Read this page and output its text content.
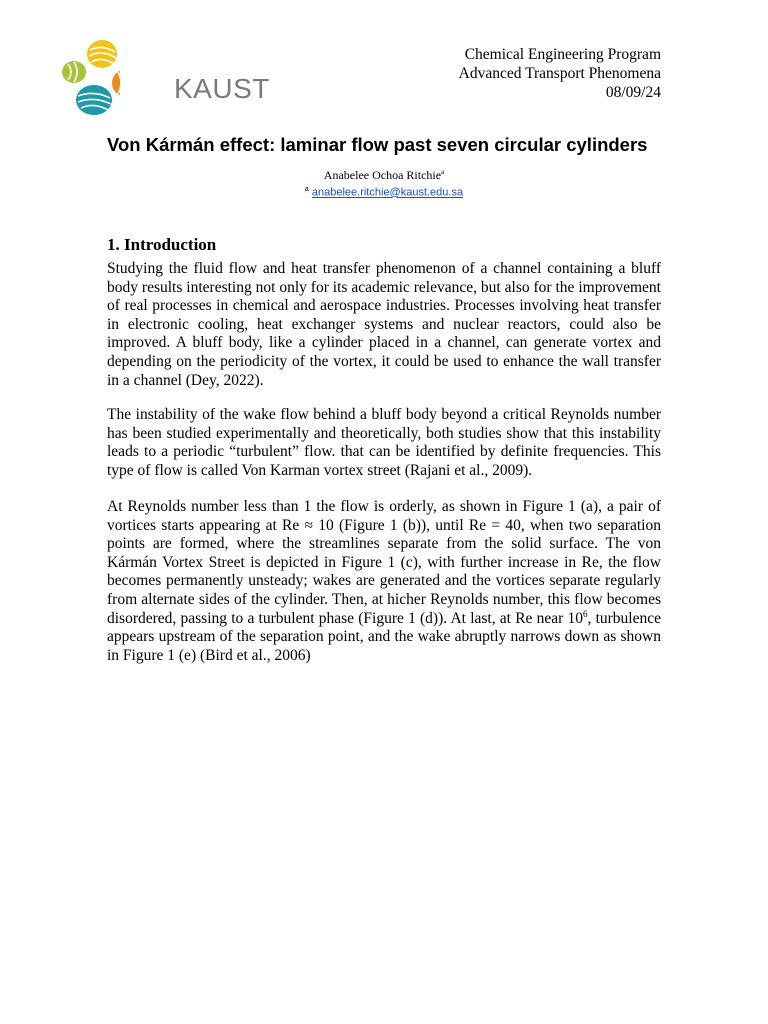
KAUST
Chemical Engineering Program
Advanced Transport Phenomena
08/09/24
Von Kármán effect: laminar flow past seven circular cylinders
Anabelee Ochoa Ritchie$^a$
$^a$ anabelee.ritchie@kaust.edu.sa
1. Introduction

Studying the fluid flow and heat transfer phenomenon of a channel containing a bluff body results interesting not only for its academic relevance, but also for the improvement of real processes in chemical and aerospace industries. Processes involving heat transfer in electronic cooling, heat exchanger systems and nuclear reactors, could also be improved. A bluff body, like a cylinder placed in a channel, can generate vortex and depending on the periodicity of the vortex, it could be used to enhance the wall transfer in a channel (Dey, 2022).

The instability of the wake flow behind a bluff body beyond a critical Reynolds number has been studied experimentally and theoretically, both studies show that this instability leads to a periodic “turbulent” flow. that can be identified by definite frequencies. This type of flow is called Von Karman vortex street (Rajani et al., 2009).

At Reynolds number less than 1 the flow is orderly, as shown in Figure 1 (a), a pair of vortices starts appearing at Re ≈ 10 (Figure 1 (b)), until Re = 40, when two separation points are formed, where the streamlines separate from the solid surface. The von Kármán Vortex Street is depicted in Figure 1 (c), with further increase in Re, the flow becomes permanently unsteady; wakes are generated and the vortices separate regularly from alternate sides of the cylinder. Then, at hicher Reynolds number, this flow becomes disordered, passing to a turbulent phase (Figure 1 (d)). At last, at Re near $10^6$, turbulence appears upstream of the separation point, and the wake abruptly narrows down as shown in Figure 1 (e) (Bird et al., 2006)
